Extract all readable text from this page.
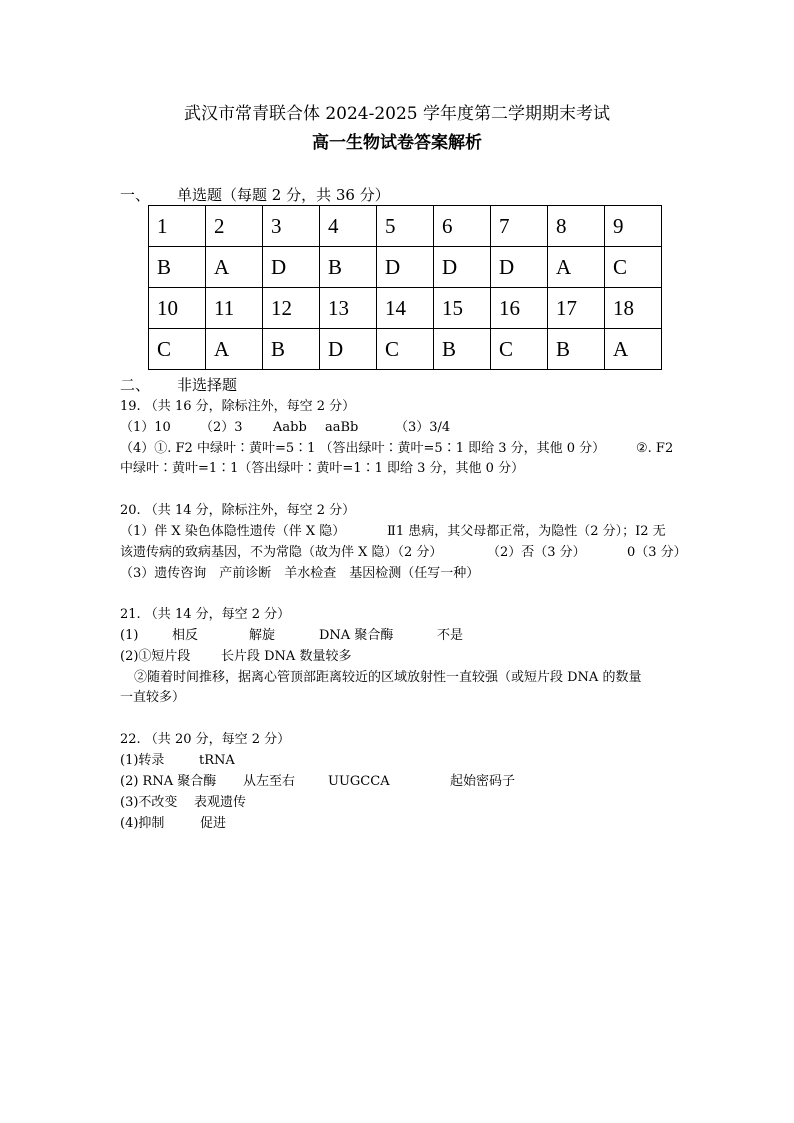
武汉市常青联合体 2024-2025 学年度第二学期期末考试
高一生物试卷答案解析
一、 单选题（每题 2 分，共 36 分）
1	2	3	4	5	6	7	8	9
B	A	D	B	D	D	D	A	C
10	11	12	13	14	15	16	17	18
C	A	B	D	C	B	C	B	A
二、 非选择题
19. （共 16 分，除标注外，每空 2 分）
（1）10 （2）3 Aabb aaBb	（3）3/4
（4）①. F2 中绿叶∶黄叶=5∶1 （答出绿叶∶黄叶=5∶1 即给 3 分，其他 0 分） ②. F2
中绿叶∶黄叶=1∶1（答出绿叶∶黄叶=1∶1 即给 3 分，其他 0 分）
20. （共 14 分，除标注外，每空 2 分）
（1）伴 X 染色体隐性遗传（伴 X 隐）	Ⅱ1 患病，其父母都正常，为隐性（2 分）；I2 无
该遗传病的致病基因，不为常隐（故为伴 X 隐）（2 分）	（2）否（3 分）	0（3 分）
（3）遗传咨询　产前诊断　羊水检查　基因检测（任写一种）
21. （共 14 分，每空 2 分）
(1)	相反	解旋	DNA 聚合酶	不是
(2)①短片段 长片段 DNA 数量较多
②随着时间推移，据离心管顶部距离较近的区域放射性一直较强（或短片段 DNA 的数量
一直较多）
22. （共 20 分，每空 2 分）
(1)转录	tRNA
(2) RNA 聚合酶 从左至右	UUGCCA	起始密码子
(3)不改变 表观遗传
(4)抑制	促进
